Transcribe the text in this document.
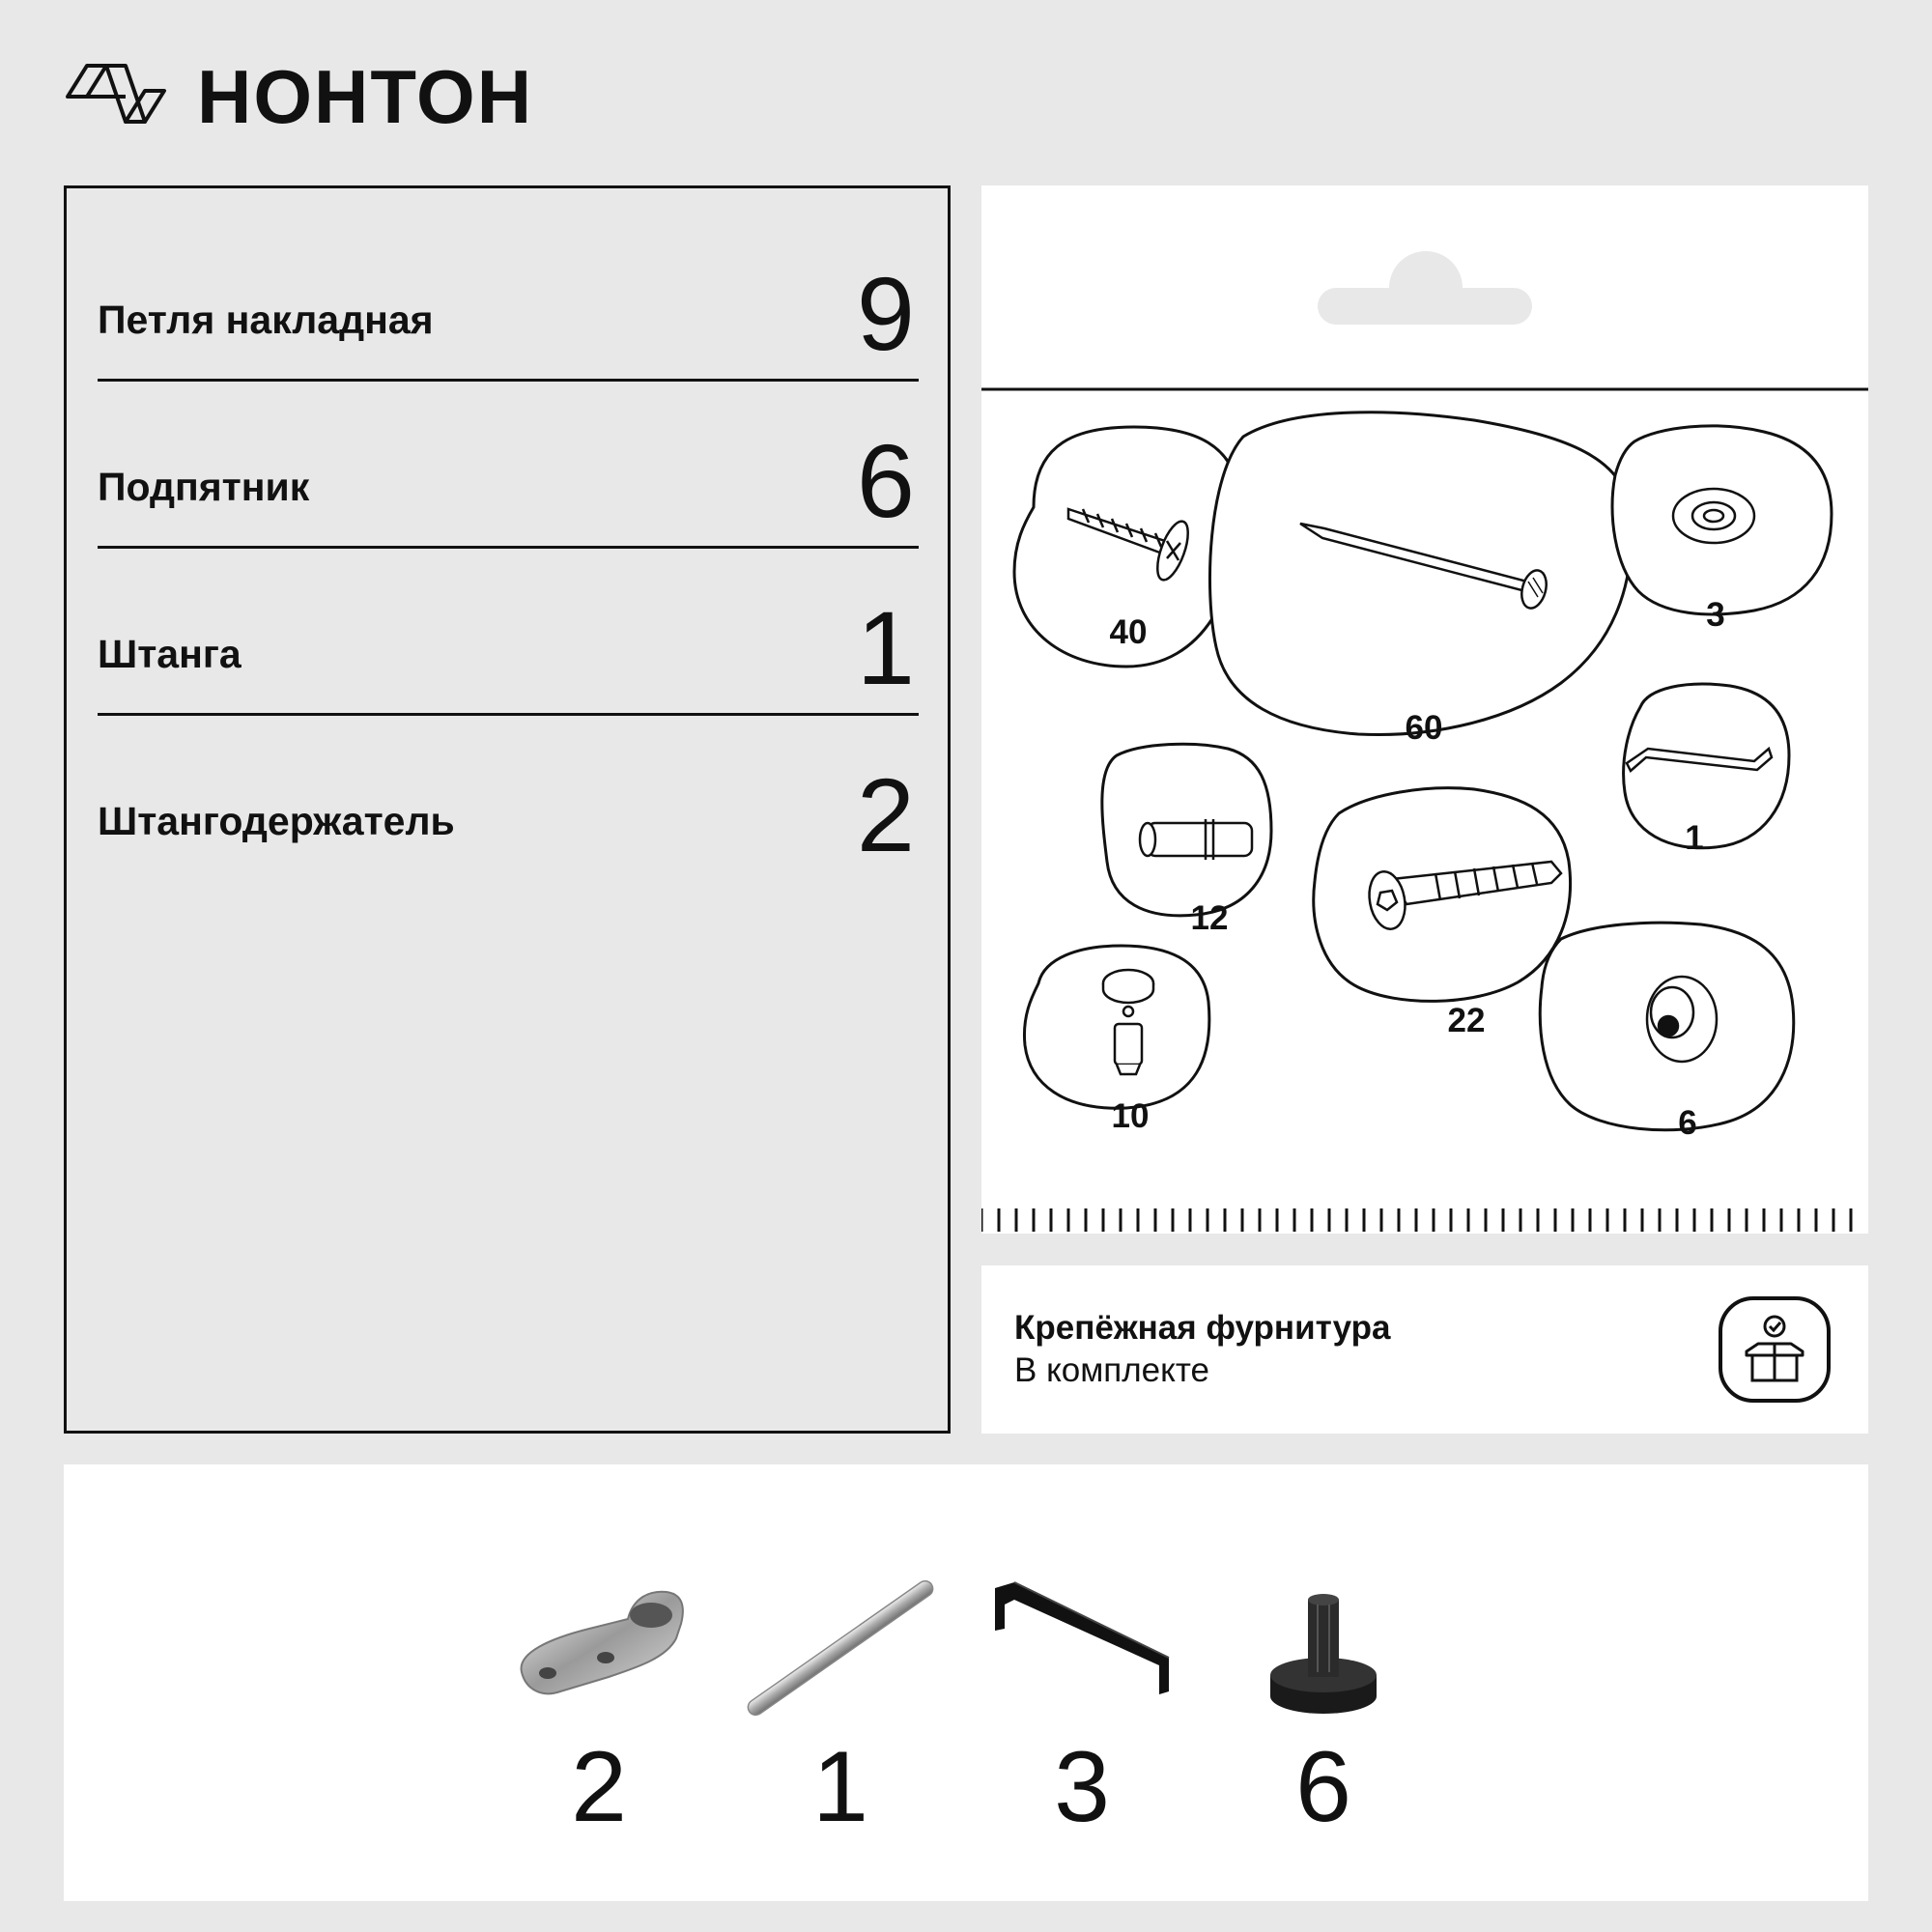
НОНТОН
Петля накладная	9
Подпятник	6
Штанга	1
Штангодержатель	2
40
60
3
1
12
22
10	6
Крепёжная фурнитура
В комплекте
2	1	3	6
